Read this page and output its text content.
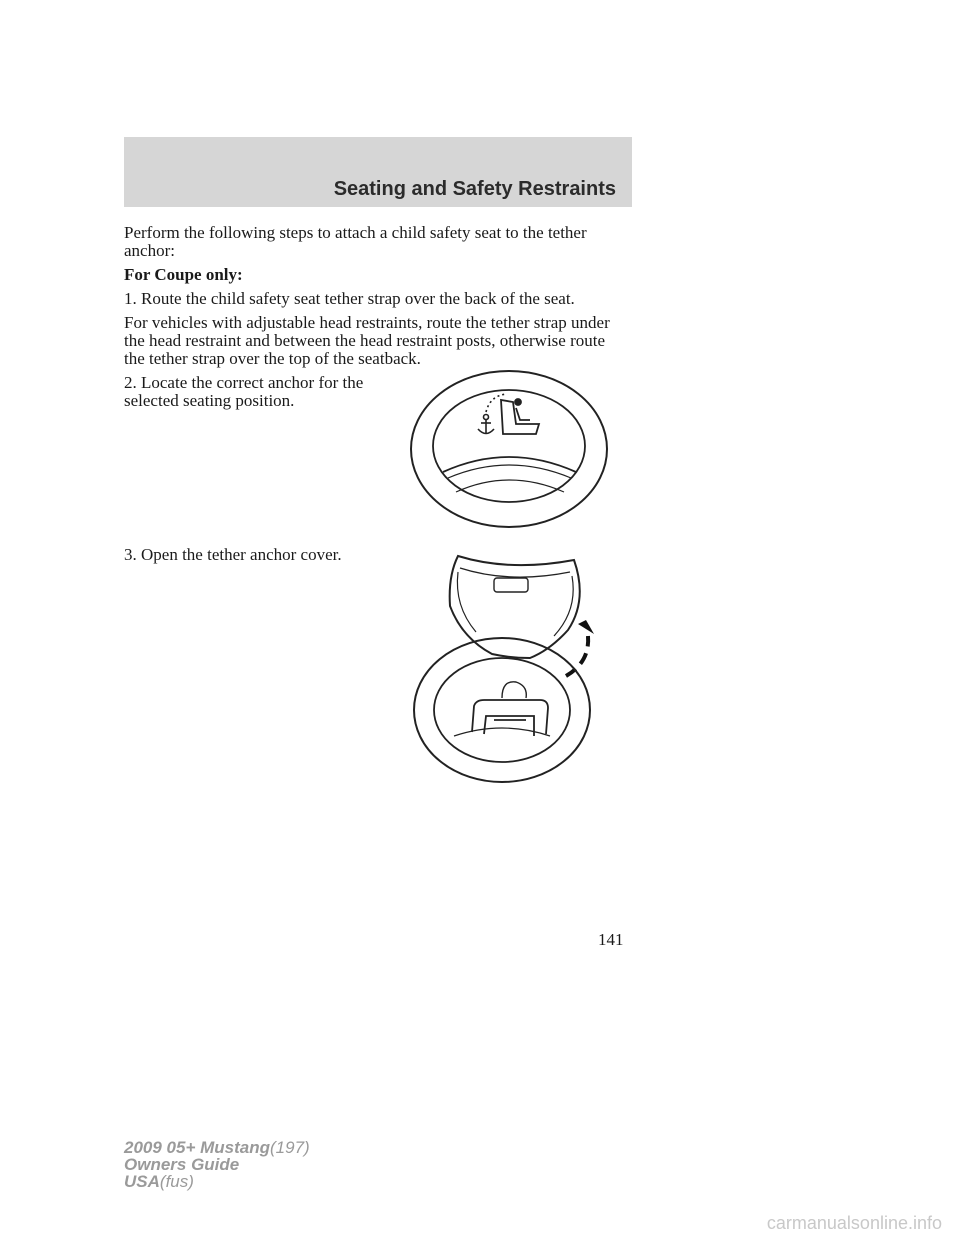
Seating and Safety Restraints

Perform the following steps to attach a child safety seat to the tether

anchor:

For Coupe only:

1. Route the child safety seat tether strap over the back of the seat.

For vehicles with adjustable head restraints, route the tether strap under

the head restraint and between the head restraint posts, otherwise route

the tether strap over the top of the seatback.

2. Locate the correct anchor for the

selected seating position.

3. Open the tether anchor cover.

141
2009 05+ Mustang(197)
Owners Guide
USA(fus)
carmanualsonline.info
